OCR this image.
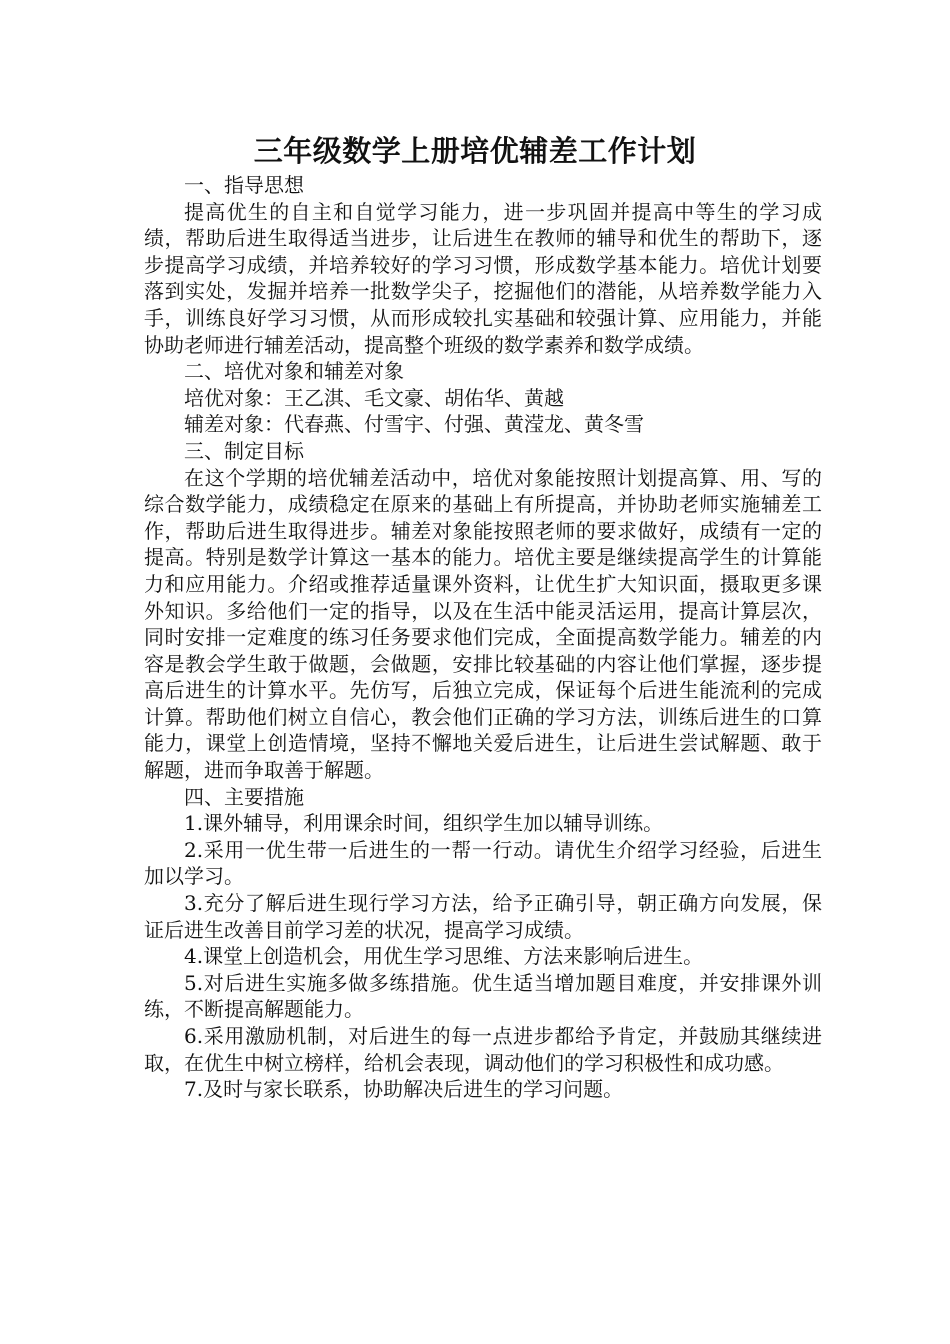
三年级数学上册培优辅差工作计划

一、指导思想

提高优生的自主和自觉学习能力，进一步巩固并提高中等生的学习成绩，帮助后进生取得适当进步，让后进生在教师的辅导和优生的帮助下，逐步提高学习成绩，并培养较好的学习习惯，形成数学基本能力。培优计划要落到实处，发掘并培养一批数学尖子，挖掘他们的潜能，从培养数学能力入手，训练良好学习习惯，从而形成较扎实基础和较强计算、应用能力，并能协助老师进行辅差活动，提高整个班级的数学素养和数学成绩。

二、培优对象和辅差对象

培优对象：王乙淇、毛文豪、胡佑华、黄越

辅差对象：代春燕、付雪宇、付强、黄滢龙、黄冬雪

三、制定目标

在这个学期的培优辅差活动中，培优对象能按照计划提高算、用、写的综合数学能力，成绩稳定在原来的基础上有所提高，并协助老师实施辅差工作，帮助后进生取得进步。辅差对象能按照老师的要求做好，成绩有一定的提高。特别是数学计算这一基本的能力。培优主要是继续提高学生的计算能力和应用能力。介绍或推荐适量课外资料，让优生扩大知识面，摄取更多课外知识。多给他们一定的指导，以及在生活中能灵活运用，提高计算层次，同时安排一定难度的练习任务要求他们完成，全面提高数学能力。辅差的内容是教会学生敢于做题，会做题，安排比较基础的内容让他们掌握，逐步提高后进生的计算水平。先仿写，后独立完成，保证每个后进生能流利的完成计算。帮助他们树立自信心，教会他们正确的学习方法，训练后进生的口算能力，课堂上创造情境，坚持不懈地关爱后进生，让后进生尝试解题、敢于解题，进而争取善于解题。

四、主要措施

1.课外辅导，利用课余时间，组织学生加以辅导训练。

2.采用一优生带一后进生的一帮一行动。请优生介绍学习经验，后进生加以学习。

3.充分了解后进生现行学习方法，给予正确引导，朝正确方向发展，保证后进生改善目前学习差的状况，提高学习成绩。

4.课堂上创造机会，用优生学习思维、方法来影响后进生。

5.对后进生实施多做多练措施。优生适当增加题目难度，并安排课外训练，不断提高解题能力。

6.采用激励机制，对后进生的每一点进步都给予肯定，并鼓励其继续进取，在优生中树立榜样，给机会表现，调动他们的学习积极性和成功感。

7.及时与家长联系，协助解决后进生的学习问题。
